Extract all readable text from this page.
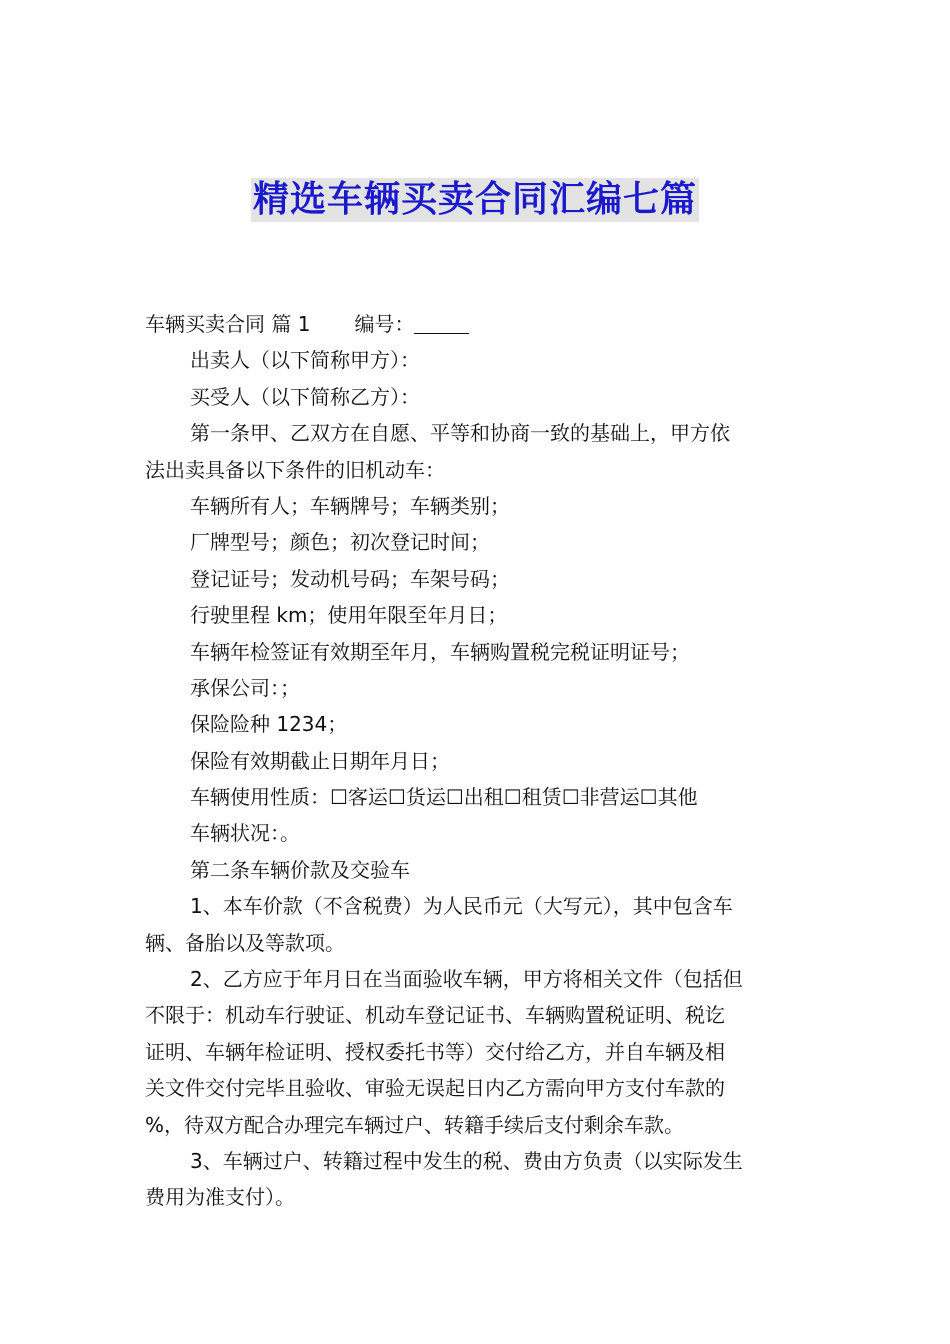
精选车辆买卖合同汇编七篇
车辆买卖合同 篇 1 编号：
出卖人（以下简称甲方）：
买受人（以下简称乙方）：
第一条甲、乙双方在自愿、平等和协商一致的基础上，甲方依
法出卖具备以下条件的旧机动车：
车辆所有人；车辆牌号；车辆类别；
厂牌型号；颜色；初次登记时间；
登记证号；发动机号码；车架号码；
行驶里程 km；使用年限至年月日；
车辆年检签证有效期至年月，车辆购置税完税证明证号；
承保公司：；
保险险种 1234；
保险有效期截止日期年月日；
车辆使用性质：☐客运☐货运☐出租☐租赁☐非营运☐其他
车辆状况：。
第二条车辆价款及交验车
1、本车价款（不含税费）为人民币元（大写元），其中包含车
辆、备胎以及等款项。
2、乙方应于年月日在当面验收车辆，甲方将相关文件（包括但
不限于：机动车行驶证、机动车登记证书、车辆购置税证明、税讫
证明、车辆年检证明、授权委托书等）交付给乙方，并自车辆及相
关文件交付完毕且验收、审验无误起日内乙方需向甲方支付车款的
%，待双方配合办理完车辆过户、转籍手续后支付剩余车款。
3、车辆过户、转籍过程中发生的税、费由方负责（以实际发生
费用为准支付）。
